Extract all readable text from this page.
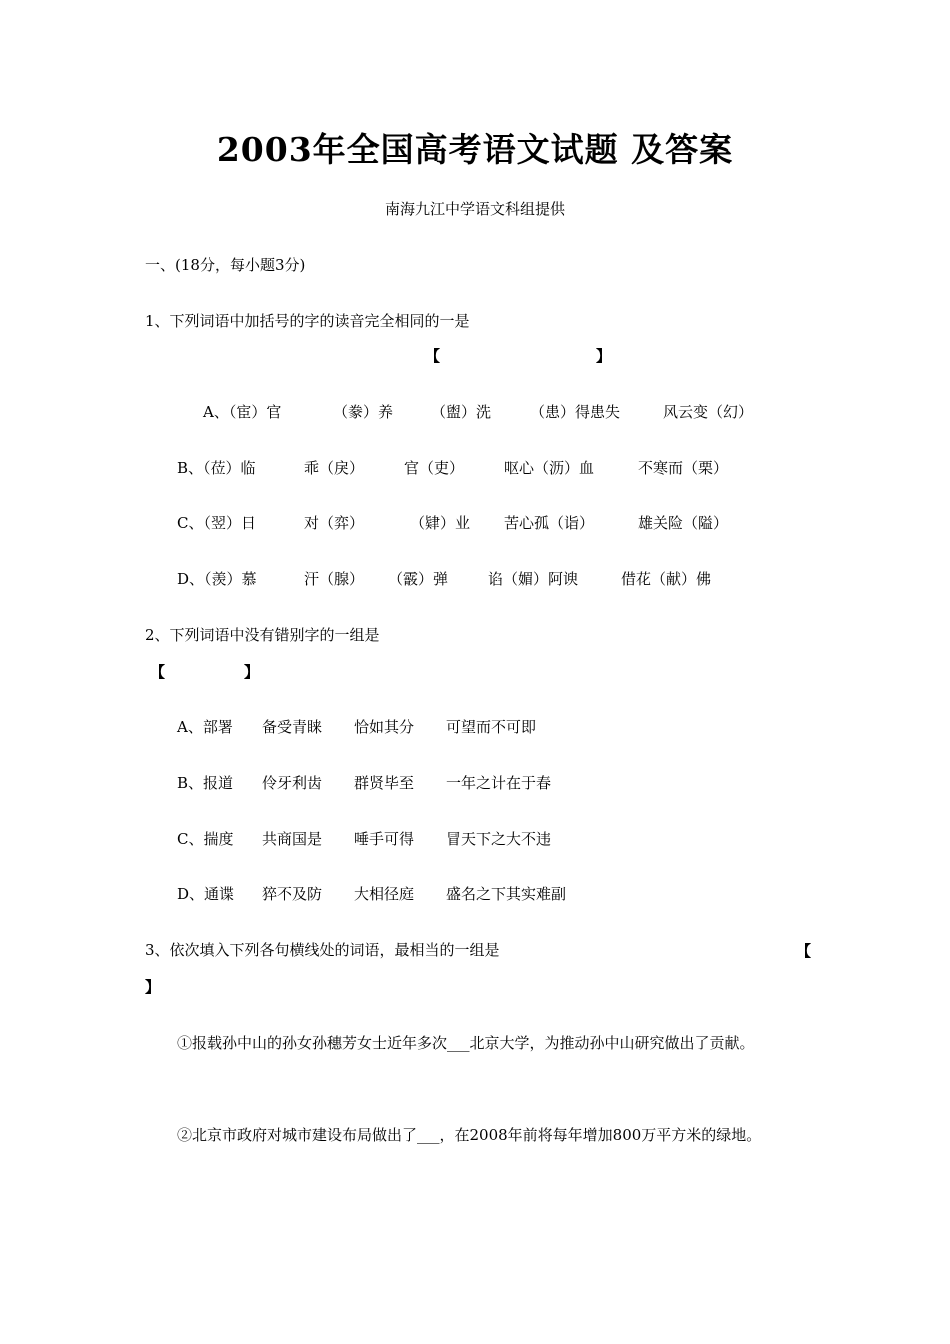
2003年全国高考语文试题 及答案
南海九江中学语文科组提供
一、(18分，每小题3分)
1、下列词语中加括号的字的读音完全相同的一是
【	】
A、（宦）官	（豢）养	（盥）洗	（患）得患失	风云变（幻）
B、（莅）临	乖（戾）	官（吏）	呕心（沥）血	不寒而（栗）
C、（翌）日	对（弈）	（肄）业 苦心孤（诣）	雄关险（隘）
D、（羡）慕	汗（腺） （霰）弹	谄（媚）阿谀	借花（献）佛
2、下列词语中没有错别字的一组是
【	】
A、部署 备受青睐 恰如其分 可望而不可即
B、报道 伶牙利齿 群贤毕至 一年之计在于春
C、揣度 共商国是 唾手可得 冒天下之大不违
D、通谍 猝不及防 大相径庭 盛名之下其实难副
3、依次填入下列各句横线处的词语，最相当的一组是	【
】
①报载孙中山的孙女孙穗芳女士近年多次___北京大学，为推动孙中山研究做出了贡献。
②北京市政府对城市建设布局做出了___，在2008年前将每年增加800万平方米的绿地。
